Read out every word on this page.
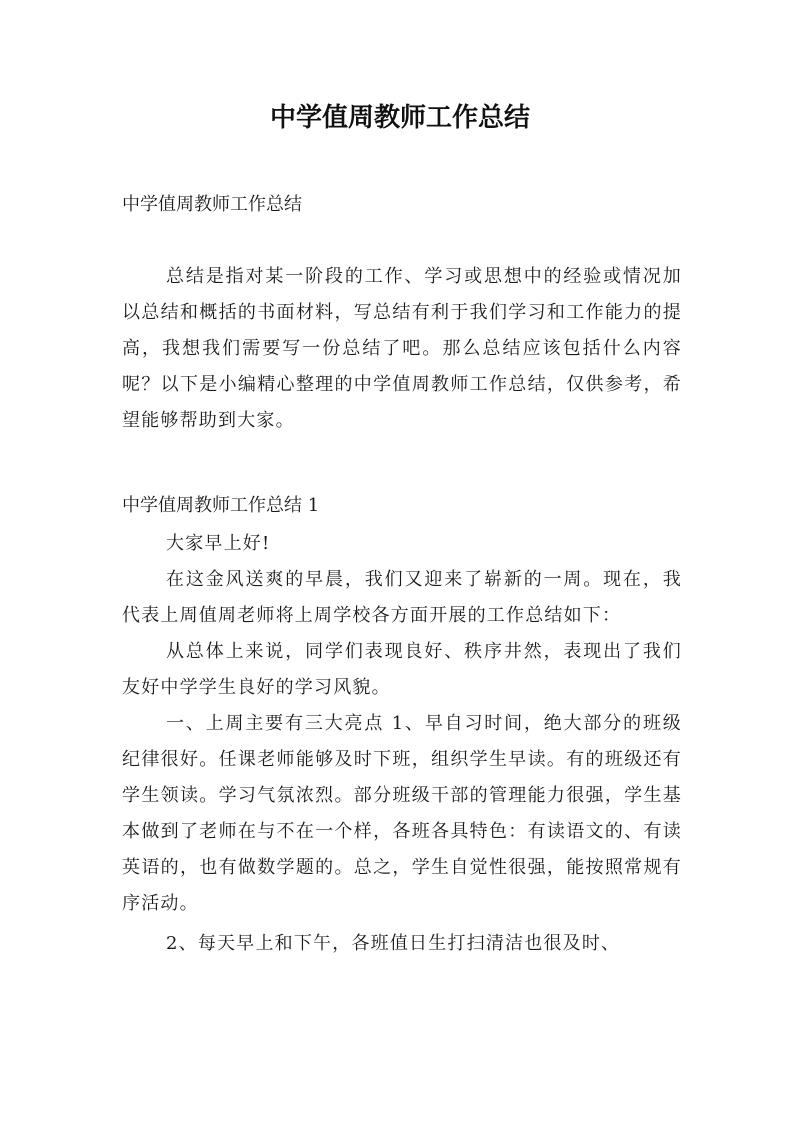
中学值周教师工作总结

中学值周教师工作总结

总结是指对某一阶段的工作、学习或思想中的经验或情况加以总结和概括的书面材料，写总结有利于我们学习和工作能力的提高，我想我们需要写一份总结了吧。那么总结应该包括什么内容呢？以下是小编精心整理的中学值周教师工作总结，仅供参考，希望能够帮助到大家。

中学值周教师工作总结 1

大家早上好!

在这金风送爽的早晨，我们又迎来了崭新的一周。现在，我代表上周值周老师将上周学校各方面开展的工作总结如下：

从总体上来说，同学们表现良好、秩序井然，表现出了我们友好中学学生良好的学习风貌。

一、上周主要有三大亮点 1、早自习时间，绝大部分的班级纪律很好。任课老师能够及时下班，组织学生早读。有的班级还有学生领读。学习气氛浓烈。部分班级干部的管理能力很强，学生基本做到了老师在与不在一个样，各班各具特色：有读语文的、有读英语的，也有做数学题的。总之，学生自觉性很强，能按照常规有序活动。

2、每天早上和下午，各班值日生打扫清洁也很及时、
